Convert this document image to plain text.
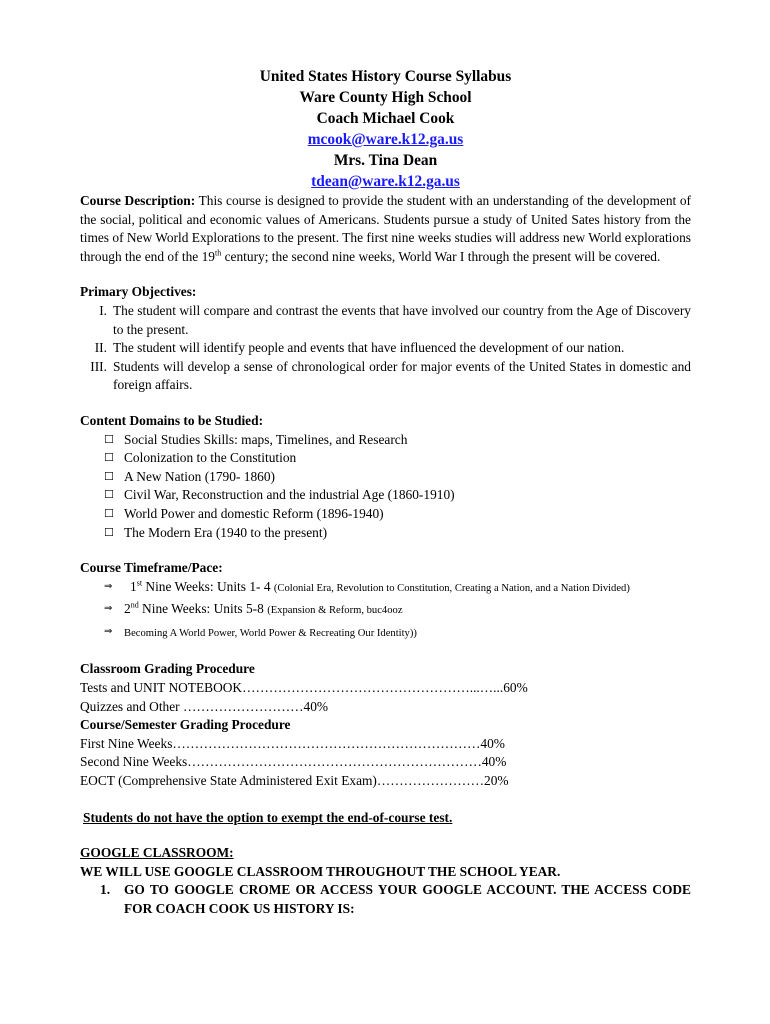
United States History Course Syllabus
Ware County High School
Coach Michael Cook
mcook@ware.k12.ga.us
Mrs. Tina Dean
tdean@ware.k12.ga.us
Course Description: This course is designed to provide the student with an understanding of the development of the social, political and economic values of Americans. Students pursue a study of United Sates history from the times of New World Explorations to the present. The first nine weeks studies will address new World explorations through the end of the 19th century; the second nine weeks, World War I through the present will be covered.
Primary Objectives:
I. The student will compare and contrast the events that have involved our country from the Age of Discovery to the present.
II. The student will identify people and events that have influenced the development of our nation.
III. Students will develop a sense of chronological order for major events of the United States in domestic and foreign affairs.
Content Domains to be Studied:
☐ Social Studies Skills: maps, Timelines, and Research
☐ Colonization to the Constitution
☐ A New Nation (1790- 1860)
☐ Civil War, Reconstruction and the industrial Age (1860-1910)
☐ World Power and domestic Reform (1896-1940)
☐ The Modern Era (1940 to the present)
Course Timeframe/Pace:
⇒ 1st Nine Weeks: Units 1- 4 (Colonial Era, Revolution to Constitution, Creating a Nation, and a Nation Divided)
⇒ 2nd Nine Weeks: Units 5-8 (Expansion & Reform, buc4ooz
⇒ Becoming A World Power, World Power & Recreating Our Identity))
Classroom Grading Procedure
Tests and UNIT NOTEBOOK……………………………………………...…...60%
Quizzes and Other ………………………40%
Course/Semester Grading Procedure
First Nine Weeks……………………………………………………………40%
Second Nine Weeks…………………………………………………………40%
EOCT (Comprehensive State Administered Exit Exam)……………………20%
Students do not have the option to exempt the end-of-course test.
GOOGLE CLASSROOM:
WE WILL USE GOOGLE CLASSROOM THROUGHOUT THE SCHOOL YEAR.
1. GO TO GOOGLE CROME OR ACCESS YOUR GOOGLE ACCOUNT. THE ACCESS CODE FOR COACH COOK US HISTORY IS:
